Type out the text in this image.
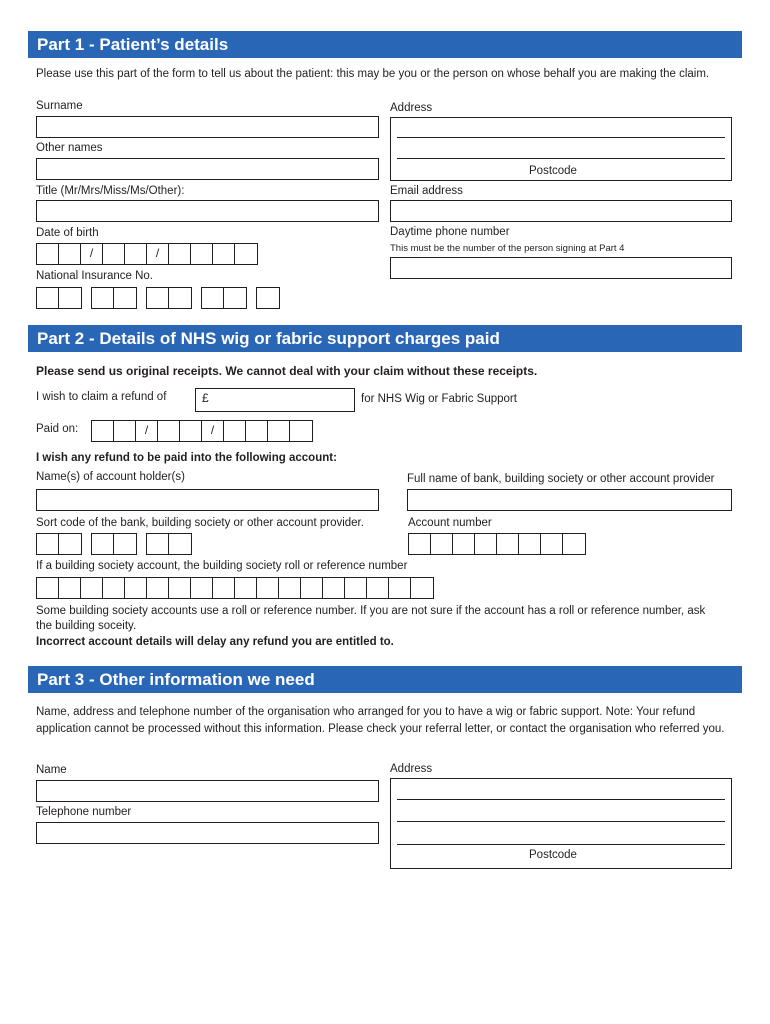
Part 1 - Patient’s details
Please use this part of the form to tell us about the patient: this may be you or the person on whose behalf you are making the claim.
Surname
Other names
Title (Mr/Mrs/Miss/Ms/Other):
Date of birth
/	/
National Insurance No.
Address
Postcode
Email address
Daytime phone number
This must be the number of the person signing at Part 4
Part 2 - Details of NHS wig or fabric support charges paid
Please send us original receipts. We cannot deal with your claim without these receipts.
I wish to claim a refund of	£	for NHS Wig or Fabric Support
Paid on:	/	/
I wish any refund to be paid into the following account:
Name(s) of account holder(s)	Full name of bank, building society or other account provider
Sort code of the bank, building society or other account provider.	Account number
If a building society account, the building society roll or reference number
Some building society accounts use a roll or reference number. If you are not sure if the account has a roll or reference number, ask the building soceity.
Incorrect account details will delay any refund you are entitled to.
Part 3 - Other information we need
Name, address and telephone number of the organisation who arranged for you to have a wig or fabric support. Note: Your refund application cannot be processed without this information. Please check your referral letter, or contact the organisation who referred you.
Name
Telephone number
Address
Postcode
